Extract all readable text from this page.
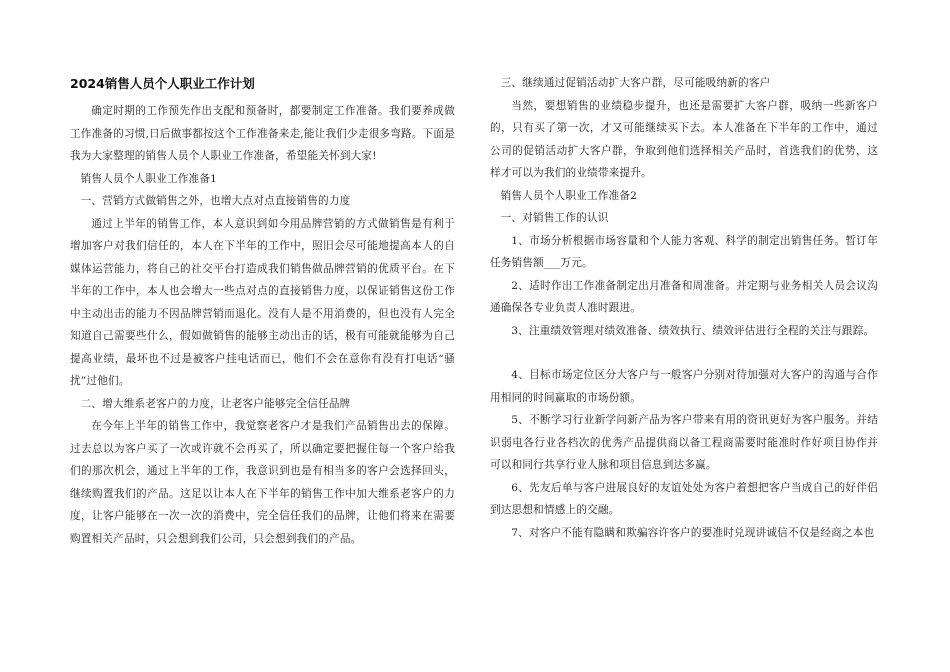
2024销售人员个人职业工作计划

确定时期的工作预先作出支配和预备时，都要制定工作准备。我们要养成做工作准备的习惯,日后做事都按这个工作准备来走,能让我们少走很多弯路。下面是我为大家整理的销售人员个人职业工作准备，希望能关怀到大家!

销售人员个人职业工作准备1

一、营销方式做销售之外，也增大点对点直接销售的力度

通过上半年的销售工作，本人意识到如今用品牌营销的方式做销售是有利于增加客户对我们信任的，本人在下半年的工作中，照旧会尽可能地提高本人的自媒体运营能力，将自己的社交平台打造成我们销售做品牌营销的优质平台。在下半年的工作中，本人也会增大一些点对点的直接销售力度，以保证销售这份工作中主动出击的能力不因品牌营销而退化。没有人是不用消费的，但也没有人完全知道自己需要些什么，假如做销售的能够主动出击的话，极有可能就能够为自己提高业绩，最坏也不过是被客户挂电话而已，他们不会在意你有没有打电话“骚扰”过他们。

二、增大维系老客户的力度，让老客户能够完全信任品牌

在今年上半年的销售工作中，我觉察老客户才是我们产品销售出去的保障。过去总以为客户买了一次或许就不会再买了，所以确定要把握住每一个客户给我们的那次机会，通过上半年的工作，我意识到也是有相当多的客户会选择回头，继续购置我们的产品。这足以让本人在下半年的销售工作中加大维系老客户的力度，让客户能够在一次一次的消费中，完全信任我们的品牌，让他们将来在需要购置相关产品时，只会想到我们公司，只会想到我们的产品。

三、继续通过促销活动扩大客户群，尽可能吸纳新的客户

当然，要想销售的业绩稳步提升，也还是需要扩大客户群，吸纳一些新客户的，只有买了第一次，才又可能继续买下去。本人准备在下半年的工作中，通过公司的促销活动扩大客户群，争取到他们选择相关产品时，首选我们的优势，这样才可以为我们的业绩带来提升。

销售人员个人职业工作准备2

一、对销售工作的认识

1、市场分析根据市场容量和个人能力客观、科学的制定出销售任务。暂订年任务销售额___万元。

2、适时作出工作准备制定出月准备和周准备。并定期与业务相关人员会议沟通确保各专业负责人准时跟进。

3、注重绩效管理对绩效准备、绩效执行、绩效评估进行全程的关注与跟踪。

4、目标市场定位区分大客户与一般客户分别对待加强对大客户的沟通与合作用相同的时间赢取的市场份额。

5、不断学习行业新学问新产品为客户带来有用的资讯更好为客户服务。并结识弱电各行业各档次的优秀产品提供商以备工程商需要时能准时作好项目协作并可以和同行共享行业人脉和项目信息到达多赢。

6、先友后单与客户进展良好的友谊处处为客户着想把客户当成自己的好伴侣到达思想和情感上的交融。

7、对客户不能有隐瞒和欺骗容许客户的要准时兑现讲诚信不仅是经商之本也
